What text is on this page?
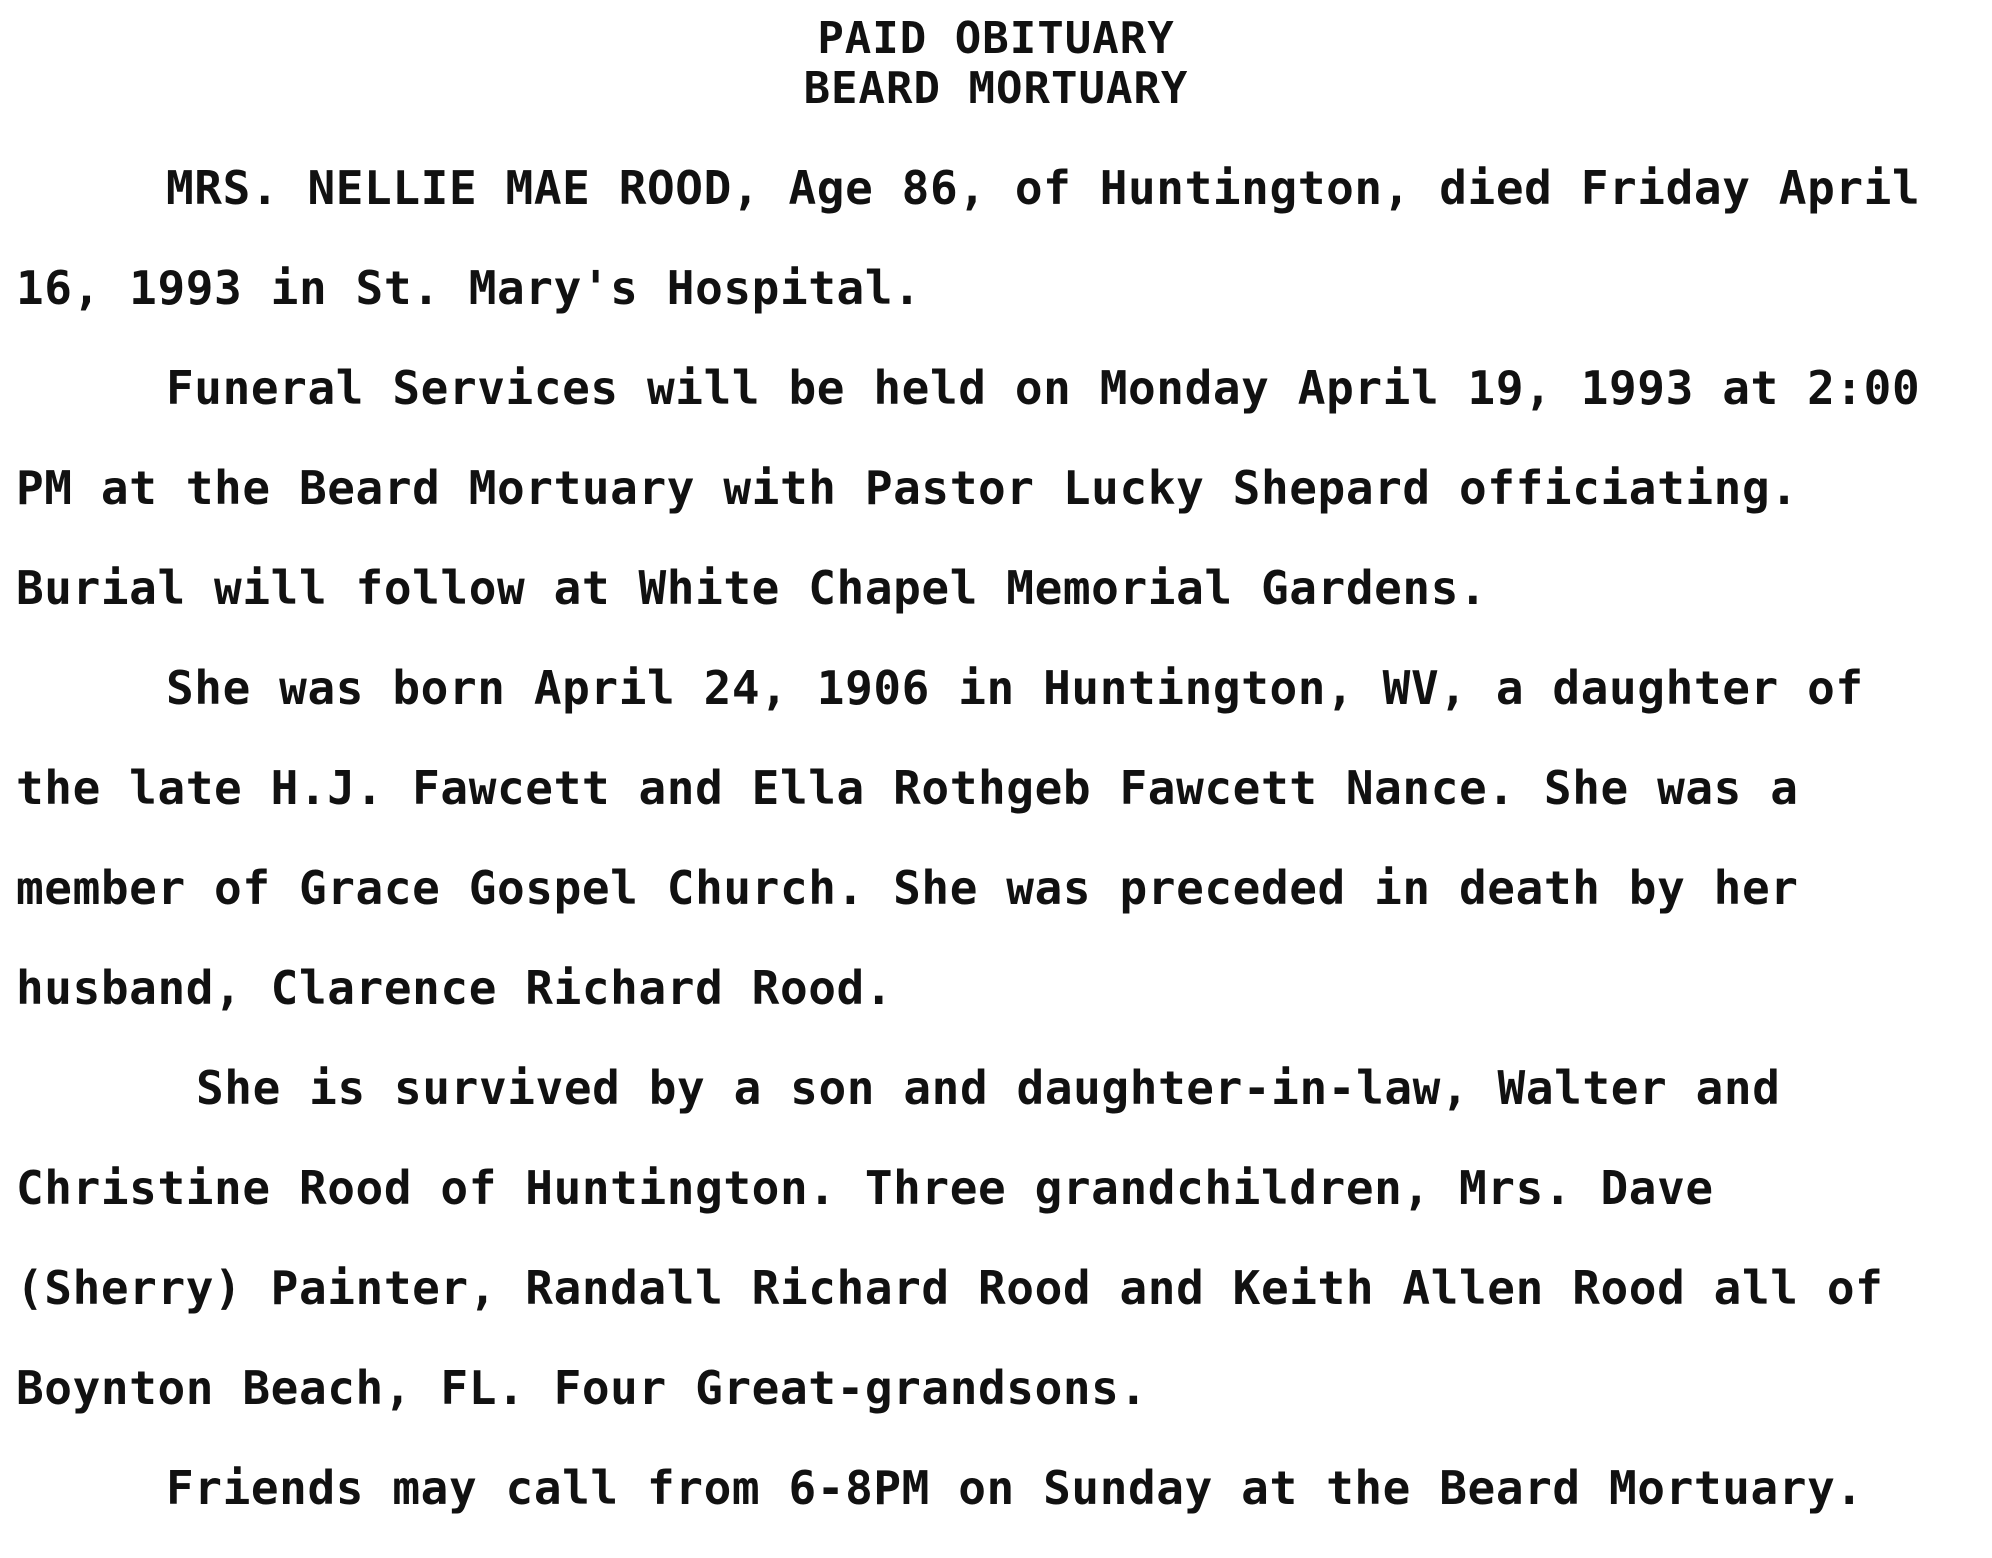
PAID OBITUARY
BEARD MORTUARY
MRS. NELLIE MAE ROOD, Age 86, of Huntington, died Friday April
16, 1993 in St. Mary's Hospital.
Funeral Services will be held on Monday April 19, 1993 at 2:00
PM at the Beard Mortuary with Pastor Lucky Shepard officiating.
Burial will follow at White Chapel Memorial Gardens.
She was born April 24, 1906 in Huntington, WV, a daughter of
the late H.J. Fawcett and Ella Rothgeb Fawcett Nance. She was a
member of Grace Gospel Church. She was preceded in death by her
husband, Clarence Richard Rood.
She is survived by a son and daughter-in-law, Walter and
Christine Rood of Huntington. Three grandchildren, Mrs. Dave
(Sherry) Painter, Randall Richard Rood and Keith Allen Rood all of
Boynton Beach, FL. Four Great-grandsons.
Friends may call from 6-8PM on Sunday at the Beard Mortuary.
